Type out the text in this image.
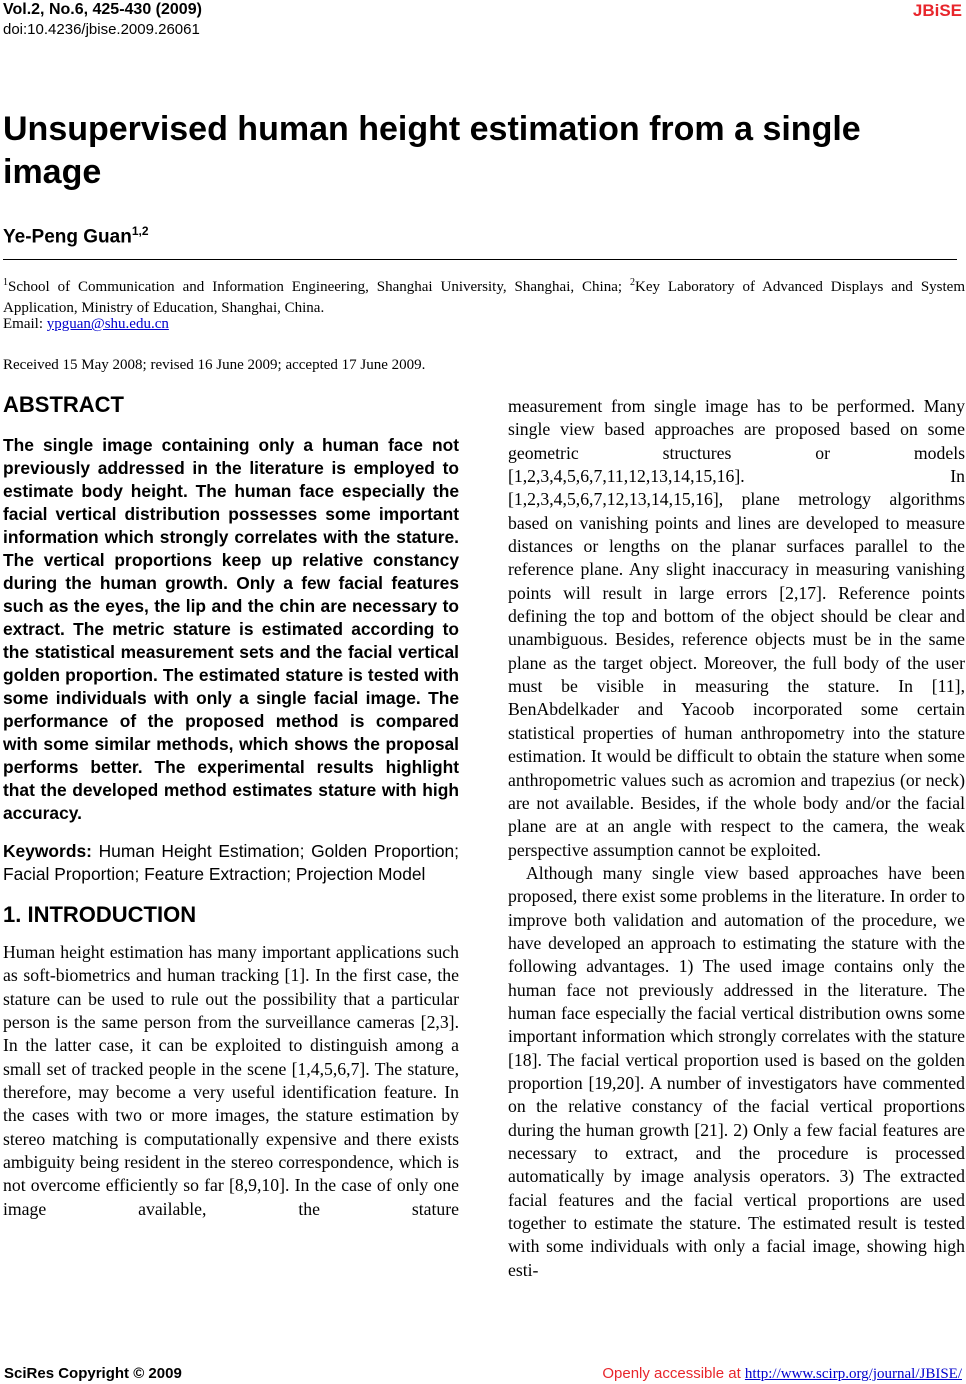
Vol.2, No.6, 425-430 (2009)
doi:10.4236/jbise.2009.26061
JBiSE
Unsupervised human height estimation from a single image
Ye-Peng Guan$^{1,2}$
$^1$School of Communication and Information Engineering, Shanghai University, Shanghai, China; $^2$Key Laboratory of Advanced Displays and System Application, Ministry of Education, Shanghai, China.
Email: ypguan@shu.edu.cn
Received 15 May 2008; revised 16 June 2009; accepted 17 June 2009.
ABSTRACT

The single image containing only a human face not previously addressed in the literature is employed to estimate body height. The human face especially the facial vertical distribution possesses some important information which strongly correlates with the stature. The vertical proportions keep up relative constancy during the human growth. Only a few facial features such as the eyes, the lip and the chin are necessary to extract. The metric stature is estimated according to the statistical measurement sets and the facial vertical golden proportion. The estimated stature is tested with some individuals with only a single facial image. The performance of the proposed method is compared with some similar methods, which shows the proposal performs better. The experimental results highlight that the developed method estimates stature with high accuracy.

Keywords: Human Height Estimation; Golden Proportion; Facial Proportion; Feature Extraction; Projection Model

1. INTRODUCTION

Human height estimation has many important applications such as soft-biometrics and human tracking [1]. In the first case, the stature can be used to rule out the possibility that a particular person is the same person from the surveillance cameras [2,3]. In the latter case, it can be exploited to distinguish among a small set of tracked people in the scene [1,4,5,6,7]. The stature, therefore, may become a very useful identification feature. In the cases with two or more images, the stature estimation by stereo matching is computationally expensive and there exists ambiguity being resident in the stereo correspondence, which is not overcome efficiently so far [8,9,10]. In the case of only one image available, the stature

measurement from single image has to be performed. Many single view based approaches are proposed based on some geometric structures or models [1,2,3,4,5,6,7,11,12,13,14,15,16]. In [1,2,3,4,5,6,7,12,13,14,15,16], plane metrology algorithms based on vanishing points and lines are developed to measure distances or lengths on the planar surfaces parallel to the reference plane. Any slight inaccuracy in measuring vanishing points will result in large errors [2,17]. Reference points defining the top and bottom of the object should be clear and unambiguous. Besides, reference objects must be in the same plane as the target object. Moreover, the full body of the user must be visible in measuring the stature. In [11], BenAbdelkader and Yacoob incorporated some certain statistical properties of human anthropometry into the stature estimation. It would be difficult to obtain the stature when some anthropometric values such as acromion and trapezius (or neck) are not available. Besides, if the whole body and/or the facial plane are at an angle with respect to the camera, the weak perspective assumption cannot be exploited.

Although many single view based approaches have been proposed, there exist some problems in the literature. In order to improve both validation and automation of the procedure, we have developed an approach to estimating the stature with the following advantages. 1) The used image contains only the human face not previously addressed in the literature. The human face especially the facial vertical distribution owns some important information which strongly correlates with the stature [18]. The facial vertical proportion used is based on the golden proportion [19,20]. A number of investigators have commented on the relative constancy of the facial vertical proportions during the human growth [21]. 2) Only a few facial features are necessary to extract, and the procedure is processed automatically by image analysis operators. 3) The extracted facial features and the facial vertical proportions are used together to estimate the stature. The estimated result is tested with some individuals with only a facial image, showing high esti-

SciRes Copyright © 2009	Openly accessible at http://www.scirp.org/journal/JBISE/
